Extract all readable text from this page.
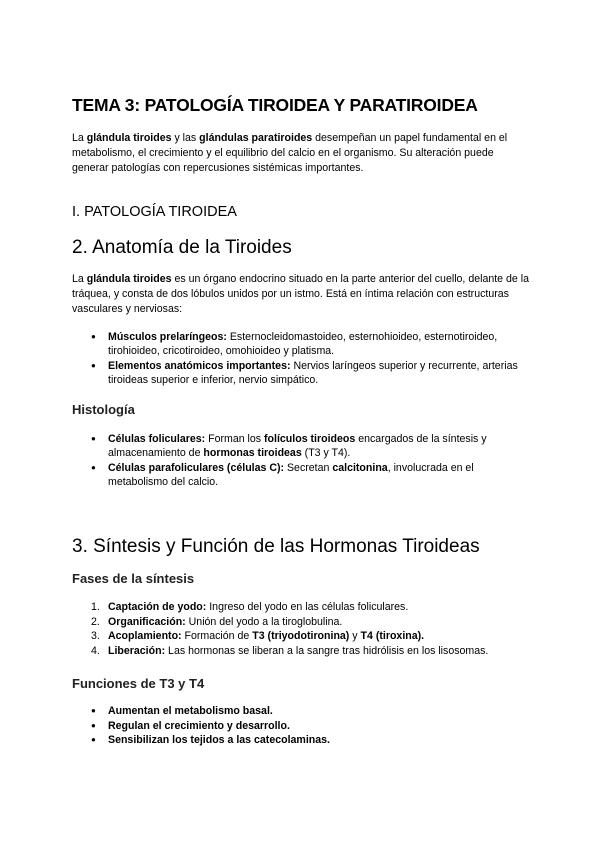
TEMA 3: PATOLOGÍA TIROIDEA Y PARATIROIDEA

La glándula tiroides y las glándulas paratiroides desempeñan un papel fundamental en el metabolismo, el crecimiento y el equilibrio del calcio en el organismo. Su alteración puede generar patologías con repercusiones sistémicas importantes.

I. PATOLOGÍA TIROIDEA
2. Anatomía de la Tiroides

La glándula tiroides es un órgano endocrino situado en la parte anterior del cuello, delante de la tráquea, y consta de dos lóbulos unidos por un istmo. Está en íntima relación con estructuras vasculares y nerviosas:

● Músculos prelaríngeos: Esternocleidomastoideo, esternohioideo, esternotiroideo, tirohioideo, cricotiroideo, omohioideo y platisma.
● Elementos anatómicos importantes: Nervios laríngeos superior y recurrente, arterias tiroideas superior e inferior, nervio simpático.
Histología
● Células foliculares: Forman los folículos tiroideos encargados de la síntesis y almacenamiento de hormonas tiroideas (T3 y T4).
● Células parafoliculares (células C): Secretan calcitonina, involucrada en el metabolismo del calcio.
3. Síntesis y Función de las Hormonas Tiroideas
Fases de la síntesis
1. Captación de yodo: Ingreso del yodo en las células foliculares.
2. Organificación: Unión del yodo a la tiroglobulina.
3. Acoplamiento: Formación de T3 (triyodotironina) y T4 (tiroxina).
4. Liberación: Las hormonas se liberan a la sangre tras hidrólisis en los lisosomas.
Funciones de T3 y T4
● Aumentan el metabolismo basal.
● Regulan el crecimiento y desarrollo.
● Sensibilizan los tejidos a las catecolaminas.
